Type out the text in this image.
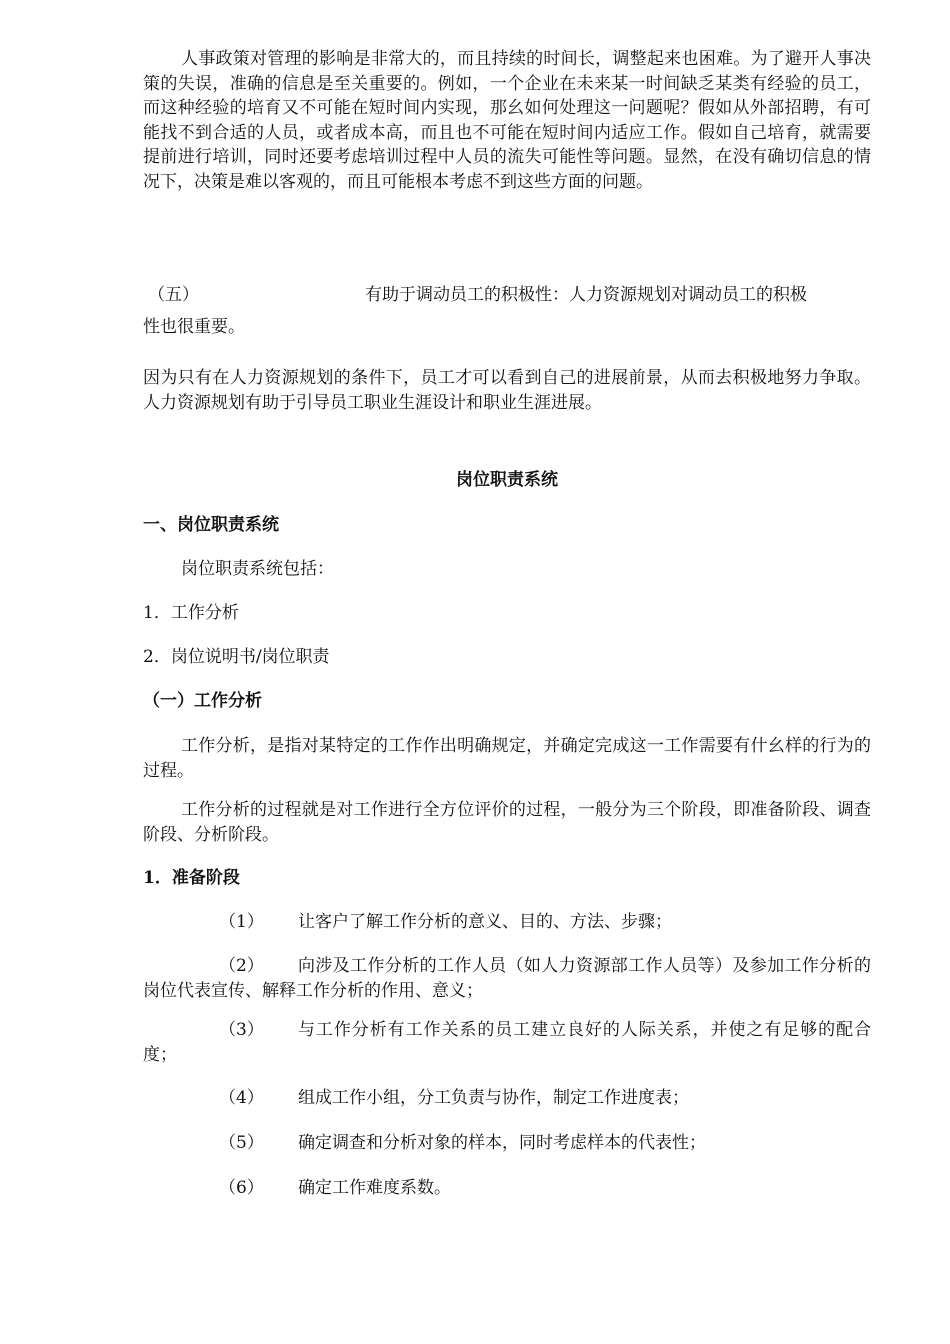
人事政策对管理的影响是非常大的，而且持续的时间长，调整起来也困难。为了避开人事决策的失误，准确的信息是至关重要的。例如，一个企业在未来某一时间缺乏某类有经验的员工，而这种经验的培育又不可能在短时间内实现，那幺如何处理这一问题呢？假如从外部招聘，有可能找不到合适的人员，或者成本高，而且也不可能在短时间内适应工作。假如自己培育，就需要提前进行培训，同时还要考虑培训过程中人员的流失可能性等问题。显然，在没有确切信息的情况下，决策是难以客观的，而且可能根本考虑不到这些方面的问题。

（五）	有助于调动员工的积极性：人力资源规划对调动员工的积极
性也很重要。

因为只有在人力资源规划的条件下，员工才可以看到自己的进展前景，从而去积极地努力争取。人力资源规划有助于引导员工职业生涯设计和职业生涯进展。

岗位职责系统

一、岗位职责系统

岗位职责系统包括：

1．工作分析

2．岗位说明书/岗位职责

（一）工作分析

工作分析，是指对某特定的工作作出明确规定，并确定完成这一工作需要有什幺样的行为的过程。

工作分析的过程就是对工作进行全方位评价的过程，一般分为三个阶段，即准备阶段、调查阶段、分析阶段。

1．准备阶段

（1）	让客户了解工作分析的意义、目的、方法、步骤；
（2）	向涉及工作分析的工作人员（如人力资源部工作人员等）及参加工作分析的岗位代表宣传、解释工作分析的作用、意义；
（3）	与工作分析有工作关系的员工建立良好的人际关系，并使之有足够的配合度；
（4）	组成工作小组，分工负责与协作，制定工作进度表；
（5）	确定调查和分析对象的样本，同时考虑样本的代表性；
（6）	确定工作难度系数。
